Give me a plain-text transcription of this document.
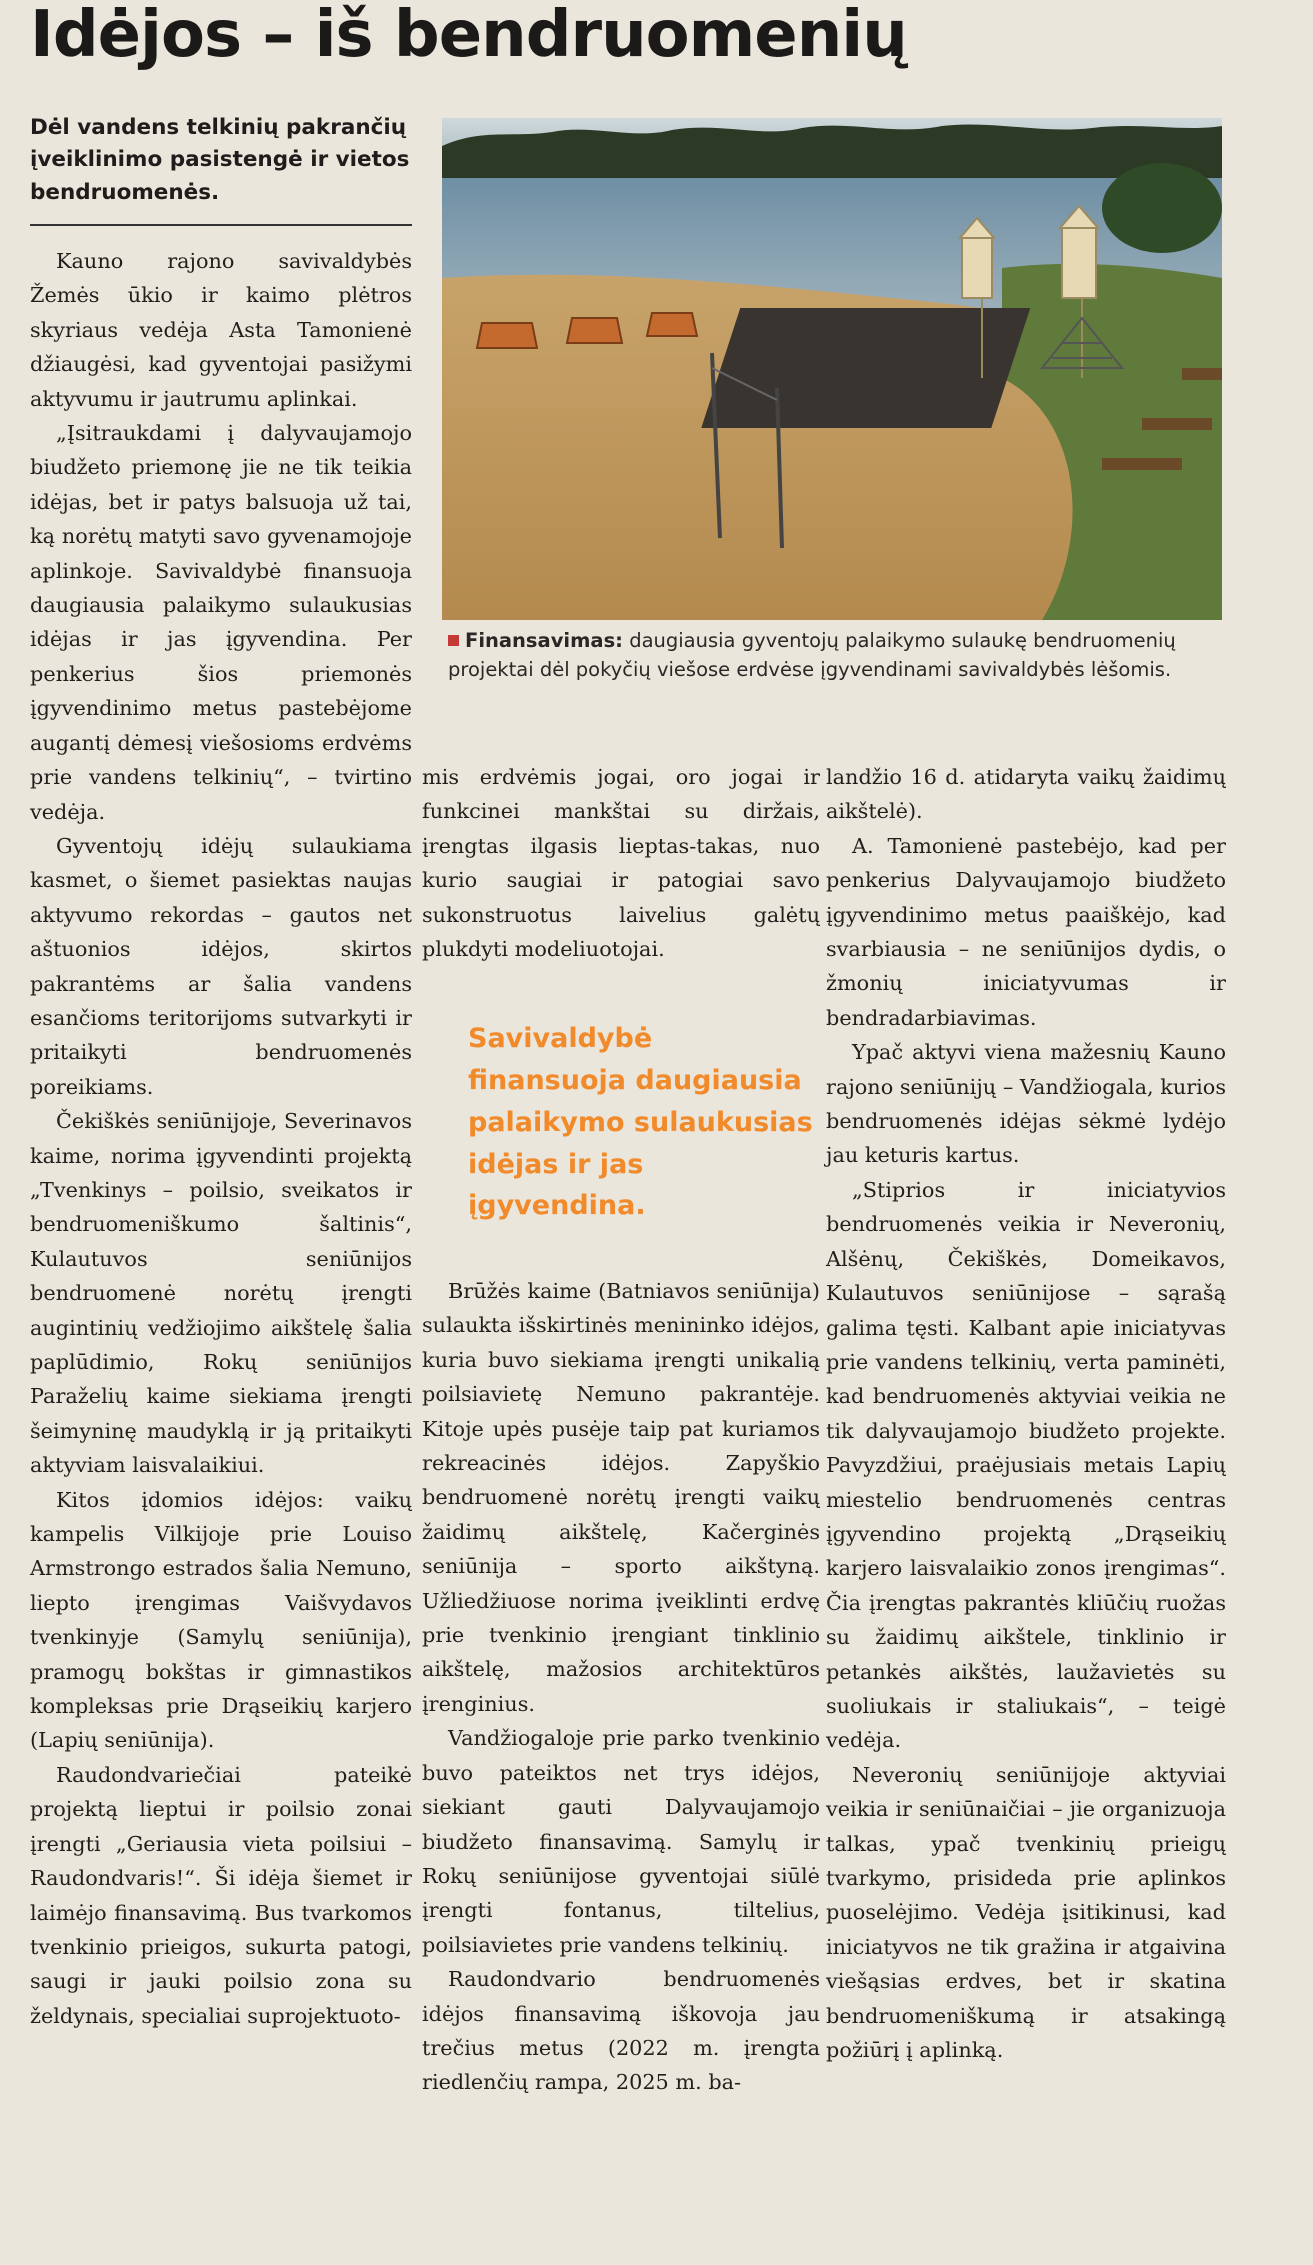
Idėjos – iš bendruomenių
Dėl vandens telkinių pakrančių įveiklinimo pasistengė ir vietos bendruomenės.
Finansavimas: daugiausia gyventojų palaikymo sulaukę bendruomenių projektai dėl pokyčių viešose erdvėse įgyvendinami savivaldybės lėšomis.

Kauno rajono savivaldybės Žemės ūkio ir kaimo plėtros skyriaus vedėja Asta Tamonienė džiaugėsi, kad gyventojai pasižymi aktyvumu ir jautrumu aplinkai.

„Įsitraukdami į dalyvaujamojo biudžeto priemonę jie ne tik teikia idėjas, bet ir patys balsuoja už tai, ką norėtų matyti savo gyvenamojoje aplinkoje. Savivaldybė finansuoja daugiausia palaikymo sulaukusias idėjas ir jas įgyvendina. Per penkerius šios priemonės įgyvendinimo metus pastebėjome augantį dėmesį viešosioms erdvėms prie vandens telkinių“, – tvirtino vedėja.

Gyventojų idėjų sulaukiama kasmet, o šiemet pasiektas naujas aktyvumo rekordas – gautos net aštuonios idėjos, skirtos pakrantėms ar šalia vandens esančioms teritorijoms sutvarkyti ir pritaikyti bendruomenės poreikiams.

Čekiškės seniūnijoje, Severinavos kaime, norima įgyvendinti projektą „Tvenkinys – poilsio, sveikatos ir bendruomeniškumo šaltinis“, Kulautuvos seniūnijos bendruomenė norėtų įrengti augintinių vedžiojimo aikštelę šalia paplūdimio, Rokų seniūnijos Paraželių kaime siekiama įrengti šeimyninę maudyklą ir ją pritaikyti aktyviam laisvalaikiui.

Kitos įdomios idėjos: vaikų kampelis Vilkijoje prie Louiso Armstrongo estrados šalia Nemuno, liepto įrengimas Vaišvydavos tvenkinyje (Samylų seniūnija), pramogų bokštas ir gimnastikos kompleksas prie Drąseikių karjero (Lapių seniūnija).

Raudondvariečiai pateikė projektą lieptui ir poilsio zonai įrengti „Geriausia vieta poilsiui – Raudondvaris!“. Ši idėja šiemet ir laimėjo finansavimą. Bus tvarkomos tvenkinio prieigos, sukurta patogi, saugi ir jauki poilsio zona su želdynais, specialiai suprojektuoto-

mis erdvėmis jogai, oro jogai ir funkcinei mankštai su diržais, įrengtas ilgasis lieptas-takas, nuo kurio saugiai ir patogiai savo sukonstruotus laivelius galėtų plukdyti modeliuotojai.

Savivaldybė finansuoja daugiausia palaikymo sulaukusias idėjas ir jas įgyvendina.

Brūžės kaime (Batniavos seniūnija) sulaukta išskirtinės menininko idėjos, kuria buvo siekiama įrengti unikalią poilsiavietę Nemuno pakrantėje. Kitoje upės pusėje taip pat kuriamos rekreacinės idėjos. Zapyškio bendruomenė norėtų įrengti vaikų žaidimų aikštelę, Kačerginės seniūnija – sporto aikštyną. Užliedžiuose norima įveiklinti erdvę prie tvenkinio įrengiant tinklinio aikštelę, mažosios architektūros įrenginius.

Vandžiogaloje prie parko tvenkinio buvo pateiktos net trys idėjos, siekiant gauti Dalyvaujamojo biudžeto finansavimą. Samylų ir Rokų seniūnijose gyventojai siūlė įrengti fontanus, tiltelius, poilsiavietes prie vandens telkinių.

Raudondvario bendruomenės idėjos finansavimą iškovoja jau trečius metus (2022 m. įrengta riedlenčių rampa, 2025 m. ba-

landžio 16 d. atidaryta vaikų žaidimų aikštelė).

A. Tamonienė pastebėjo, kad per penkerius Dalyvaujamojo biudžeto įgyvendinimo metus paaiškėjo, kad svarbiausia – ne seniūnijos dydis, o žmonių iniciatyvumas ir bendradarbiavimas.

Ypač aktyvi viena mažesnių Kauno rajono seniūnijų – Vandžiogala, kurios bendruomenės idėjas sėkmė lydėjo jau keturis kartus.

„Stiprios ir iniciatyvios bendruomenės veikia ir Neveronių, Alšėnų, Čekiškės, Domeikavos, Kulautuvos seniūnijose – sąrašą galima tęsti. Kalbant apie iniciatyvas prie vandens telkinių, verta paminėti, kad bendruomenės aktyviai veikia ne tik dalyvaujamojo biudžeto projekte. Pavyzdžiui, praėjusiais metais Lapių miestelio bendruomenės centras įgyvendino projektą „Drąseikių karjero laisvalaikio zonos įrengimas“. Čia įrengtas pakrantės kliūčių ruožas su žaidimų aikštele, tinklinio ir petankės aikštės, laužavietės su suoliukais ir staliukais“, – teigė vedėja.

Neveronių seniūnijoje aktyviai veikia ir seniūnaičiai – jie organizuoja talkas, ypač tvenkinių prieigų tvarkymo, prisideda prie aplinkos puoselėjimo. Vedėja įsitikinusi, kad iniciatyvos ne tik gražina ir atgaivina viešąsias erdves, bet ir skatina bendruomeniškumą ir atsakingą požiūrį į aplinką.
